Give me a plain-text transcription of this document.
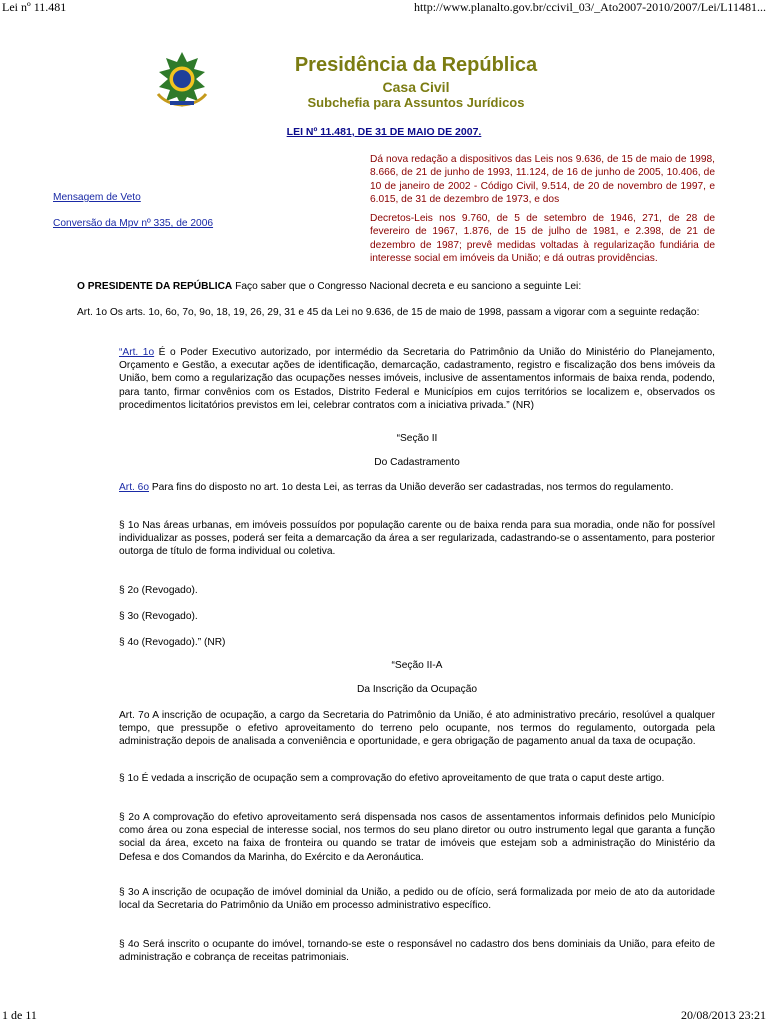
Lei nº 11.481	http://www.planalto.gov.br/ccivil_03/_Ato2007-2010/2007/Lei/L11481...
Presidência da República
Casa Civil
Subchefia para Assuntos Jurídicos
LEI Nº 11.481, DE 31 DE MAIO DE 2007.
Dá nova redação a dispositivos das Leis nos 9.636, de 15 de maio de 1998, 8.666, de 21 de junho de 1993, 11.124, de 16 de junho de 2005, 10.406, de 10 de janeiro de 2002 - Código Civil, 9.514, de 20 de novembro de 1997, e 6.015, de 31 de dezembro de 1973, e dos
Decretos-Leis nos 9.760, de 5 de setembro de 1946, 271, de 28 de fevereiro de 1967, 1.876, de 15 de julho de 1981, e 2.398, de 21 de dezembro de 1987; prevê medidas voltadas à regularização fundiária de interesse social em imóveis da União; e dá outras providências.
Mensagem de Veto
Conversão da Mpv nº 335, de 2006
O PRESIDENTE DA REPÚBLICA Faço saber que o Congresso Nacional decreta e eu sanciono a seguinte Lei:
Art. 1o Os arts. 1o, 6o, 7o, 9o, 18, 19, 26, 29, 31 e 45 da Lei no 9.636, de 15 de maio de 1998, passam a vigorar com a seguinte redação:
“Art. 1o É o Poder Executivo autorizado, por intermédio da Secretaria do Patrimônio da União do Ministério do Planejamento, Orçamento e Gestão, a executar ações de identificação, demarcação, cadastramento, registro e fiscalização dos bens imóveis da União, bem como a regularização das ocupações nesses imóveis, inclusive de assentamentos informais de baixa renda, podendo, para tanto, firmar convênios com os Estados, Distrito Federal e Municípios em cujos territórios se localizem e, observados os procedimentos licitatórios previstos em lei, celebrar contratos com a iniciativa privada.” (NR)
“Seção II
Do Cadastramento
Art. 6o Para fins do disposto no art. 1o desta Lei, as terras da União deverão ser cadastradas, nos termos do regulamento.
§ 1o Nas áreas urbanas, em imóveis possuídos por população carente ou de baixa renda para sua moradia, onde não for possível individualizar as posses, poderá ser feita a demarcação da área a ser regularizada, cadastrando-se o assentamento, para posterior outorga de título de forma individual ou coletiva.
§ 2o (Revogado).
§ 3o (Revogado).
§ 4o (Revogado).” (NR)
“Seção II-A
Da Inscrição da Ocupação
Art. 7o A inscrição de ocupação, a cargo da Secretaria do Patrimônio da União, é ato administrativo precário, resolúvel a qualquer tempo, que pressupõe o efetivo aproveitamento do terreno pelo ocupante, nos termos do regulamento, outorgada pela administração depois de analisada a conveniência e oportunidade, e gera obrigação de pagamento anual da taxa de ocupação.
§ 1o É vedada a inscrição de ocupação sem a comprovação do efetivo aproveitamento de que trata o caput deste artigo.
§ 2o A comprovação do efetivo aproveitamento será dispensada nos casos de assentamentos informais definidos pelo Município como área ou zona especial de interesse social, nos termos do seu plano diretor ou outro instrumento legal que garanta a função social da área, exceto na faixa de fronteira ou quando se tratar de imóveis que estejam sob a administração do Ministério da Defesa e dos Comandos da Marinha, do Exército e da Aeronáutica.
§ 3o A inscrição de ocupação de imóvel dominial da União, a pedido ou de ofício, será formalizada por meio de ato da autoridade local da Secretaria do Patrimônio da União em processo administrativo específico.
§ 4o Será inscrito o ocupante do imóvel, tornando-se este o responsável no cadastro dos bens dominiais da União, para efeito de administração e cobrança de receitas patrimoniais.
1 de 11	20/08/2013 23:21
